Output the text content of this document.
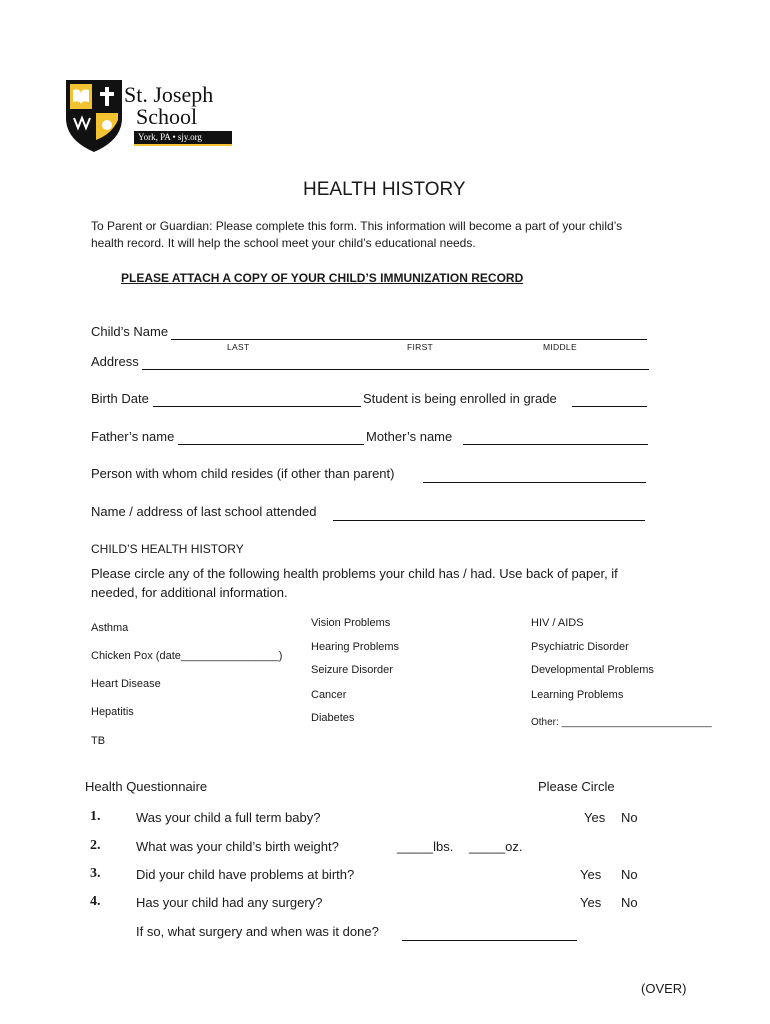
St. Joseph
School
York, PA • sjy.org
HEALTH HISTORY
To Parent or Guardian: Please complete this form. This information will become a part of your child’s
health record. It will help the school meet your child’s educational needs.
PLEASE ATTACH A COPY OF YOUR CHILD’S IMMUNIZATION RECORD
Child’s Name
LAST	FIRST	MIDDLE
Address
Birth Date	Student is being enrolled in grade
Father’s name	Mother’s name
Person with whom child resides (if other than parent)
Name / address of last school attended
CHILD’S HEALTH HISTORY
Please circle any of the following health problems your child has / had. Use back of paper, if
needed, for additional information.
Asthma
Chicken Pox (date________________)
Heart Disease
Hepatitis
TB
Vision Problems
Hearing Problems
Seizure Disorder
Cancer
Diabetes
HIV / AIDS
Psychiatric Disorder
Developmental Problems
Learning Problems
Other: ___________________________
Health Questionnaire	Please Circle
1.	Was your child a full term baby?	Yes No
2.	What was your child’s birth weight?	_____lbs. _____oz.
3.	Did your child have problems at birth?	Yes No
4.	Has your child had any surgery?	Yes No
If so, what surgery and when was it done?
(OVER)
